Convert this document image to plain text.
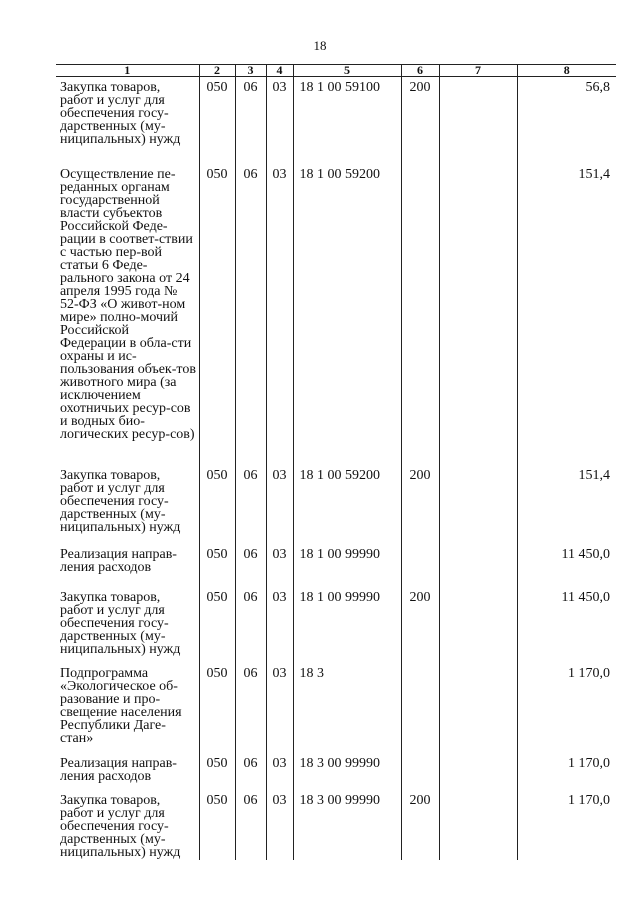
18
1	2	3	4	5	6	7	8

Закупка товаров, работ и услуг для обеспечения госу-дарственных (му-ниципальных) нужд	050	06	03	18 1 00 59100	200		56,8

Осуществление пе-реданных органам государственной власти субъектов Российской Феде-рации в соответ-ствии с частью пер-вой статьи 6 Феде-рального закона от 24 апреля 1995 года № 52-ФЗ «О живот-ном мире» полно-мочий Российской Федерации в обла-сти охраны и ис-пользования объек-тов животного мира (за исключением охотничьих ресур-сов и водных био-логических ресур-сов)	050	06	03	18 1 00 59200			151,4

Закупка товаров, работ и услуг для обеспечения госу-дарственных (му-ниципальных) нужд	050	06	03	18 1 00 59200	200		151,4

Реализация направ-ления расходов	050	06	03	18 1 00 99990			11 450,0

Закупка товаров, работ и услуг для обеспечения госу-дарственных (му-ниципальных) нужд	050	06	03	18 1 00 99990	200		11 450,0

Подпрограмма «Экологическое об-разование и про-свещение населения Республики Даге-стан»	050	06	03	18 3			1 170,0

Реализация направ-ления расходов	050	06	03	18 3 00 99990			1 170,0

Закупка товаров, работ и услуг для обеспечения госу-дарственных (му-ниципальных) нужд	050	06	03	18 3 00 99990	200		1 170,0
